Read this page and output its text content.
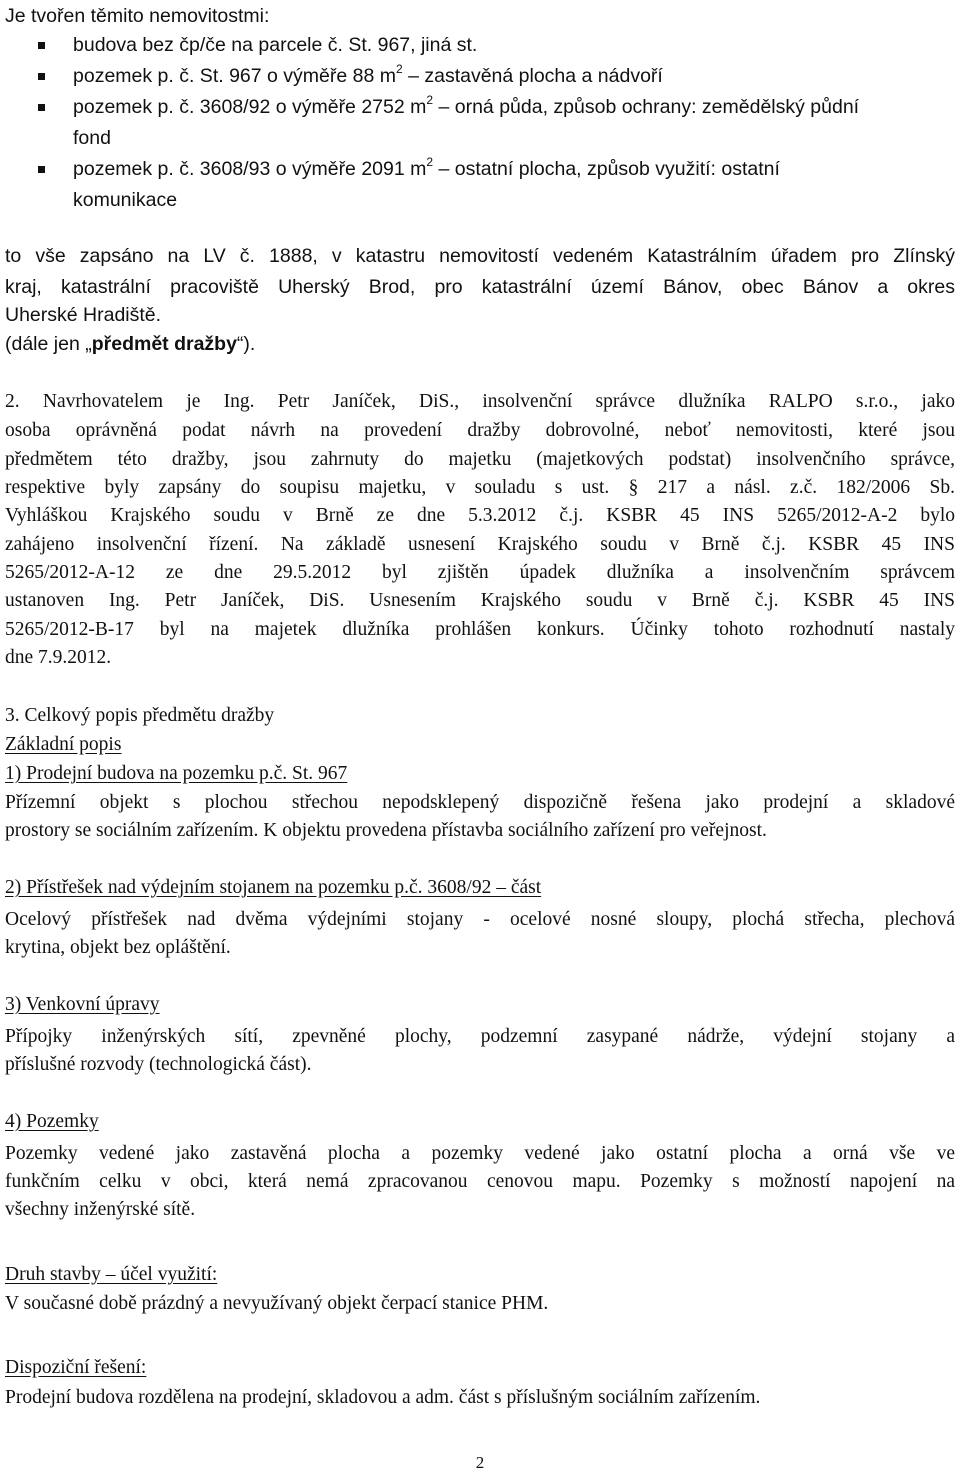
Je tvořen těmito nemovitostmi:
budova bez čp/če na parcele č. St. 967, jiná st.
pozemek p. č. St. 967 o výměře 88 $m^2$ – zastavěná plocha a nádvoří
pozemek p. č. 3608/92 o výměře 2752 $m^2$ – orná půda, způsob ochrany: zemědělský půdní
fond
pozemek p. č. 3608/93 o výměře 2091 $m^2$ – ostatní plocha, způsob využití: ostatní
komunikace
to vše zapsáno na LV č. 1888, v katastru nemovitostí vedeném Katastrálním úřadem pro Zlínský
kraj, katastrální pracoviště Uherský Brod, pro katastrální území Bánov, obec Bánov a okres
Uherské Hradiště.
(dále jen „předmět dražby“).
2. Navrhovatelem je Ing. Petr Janíček, DiS., insolvenční správce dlužníka RALPO s.r.o., jako
osoba oprávněná podat návrh na provedení dražby dobrovolné, neboť nemovitosti, které jsou
předmětem této dražby, jsou zahrnuty do majetku (majetkových podstat) insolvenčního správce,
respektive byly zapsány do soupisu majetku, v souladu s ust. § 217 a násl. z.č. 182/2006 Sb.
Vyhláškou Krajského soudu v Brně ze dne 5.3.2012 č.j. KSBR 45 INS 5265/2012-A-2 bylo
zahájeno insolvenční řízení. Na základě usnesení Krajského soudu v Brně č.j. KSBR 45 INS
5265/2012-A-12 ze dne 29.5.2012 byl zjištěn úpadek dlužníka a insolvenčním správcem
ustanoven Ing. Petr Janíček, DiS. Usnesením Krajského soudu v Brně č.j. KSBR 45 INS
5265/2012-B-17 byl na majetek dlužníka prohlášen konkurs. Účinky tohoto rozhodnutí nastaly
dne 7.9.2012.
3. Celkový popis předmětu dražby
Základní popis
1) Prodejní budova na pozemku p.č. St. 967
Přízemní objekt s plochou střechou nepodsklepený dispozičně řešena jako prodejní a skladové
prostory se sociálním zařízením. K objektu provedena přístavba sociálního zařízení pro veřejnost.
2) Přístřešek nad výdejním stojanem na pozemku p.č. 3608/92 – část
Ocelový přístřešek nad dvěma výdejními stojany - ocelové nosné sloupy, plochá střecha, plechová
krytina, objekt bez opláštění.
3) Venkovní úpravy
Přípojky inženýrských sítí, zpevněné plochy, podzemní zasypané nádrže, výdejní stojany a
příslušné rozvody (technologická část).
4) Pozemky
Pozemky vedené jako zastavěná plocha a pozemky vedené jako ostatní plocha a orná vše ve
funkčním celku v obci, která nemá zpracovanou cenovou mapu. Pozemky s možností napojení na
všechny inženýrské sítě.
Druh stavby – účel využití:
V současné době prázdný a nevyužívaný objekt čerpací stanice PHM.
Dispoziční řešení:
Prodejní budova rozdělena na prodejní, skladovou a adm. část s příslušným sociálním zařízením.
2
